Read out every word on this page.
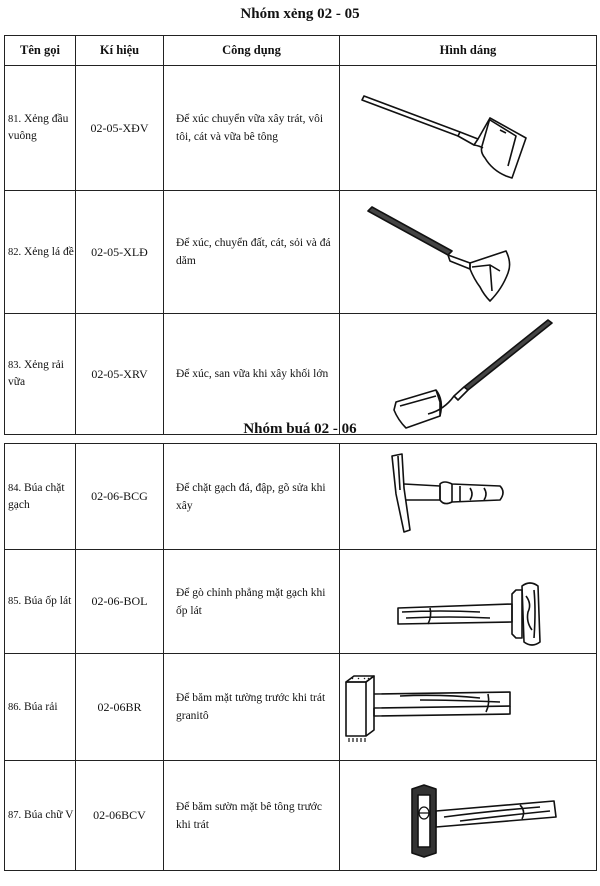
Nhóm xẻng 02 - 05
Tên gọi	Kí hiệu	Công dụng	Hình dáng
81. Xẻng đầu vuông	02-05-XĐV	Để xúc chuyển vữa xây trát, vôi tôi, cát và vữa bê tông	

82. Xẻng lá đề	02-05-XLĐ	Để xúc, chuyển đất, cát, sỏi và đá dăm	

83. Xẻng rải vữa	02-05-XRV	Để xúc, san vữa khi xây khối lớn	
Nhóm buá 02 - 06
84. Búa chặt gạch	02-06-BCG	Để chặt gạch đá, đập, gõ sửa khi xây	

85. Búa ốp lát	02-06-BOL	Để gò chỉnh phẳng mặt gạch khi ốp lát	

86. Búa rải	02-06BR	Để băm mặt tường trước khi trát granitô	

87. Búa chữ V	02-06BCV	Để băm sườn mặt bê tông trước khi trát	
